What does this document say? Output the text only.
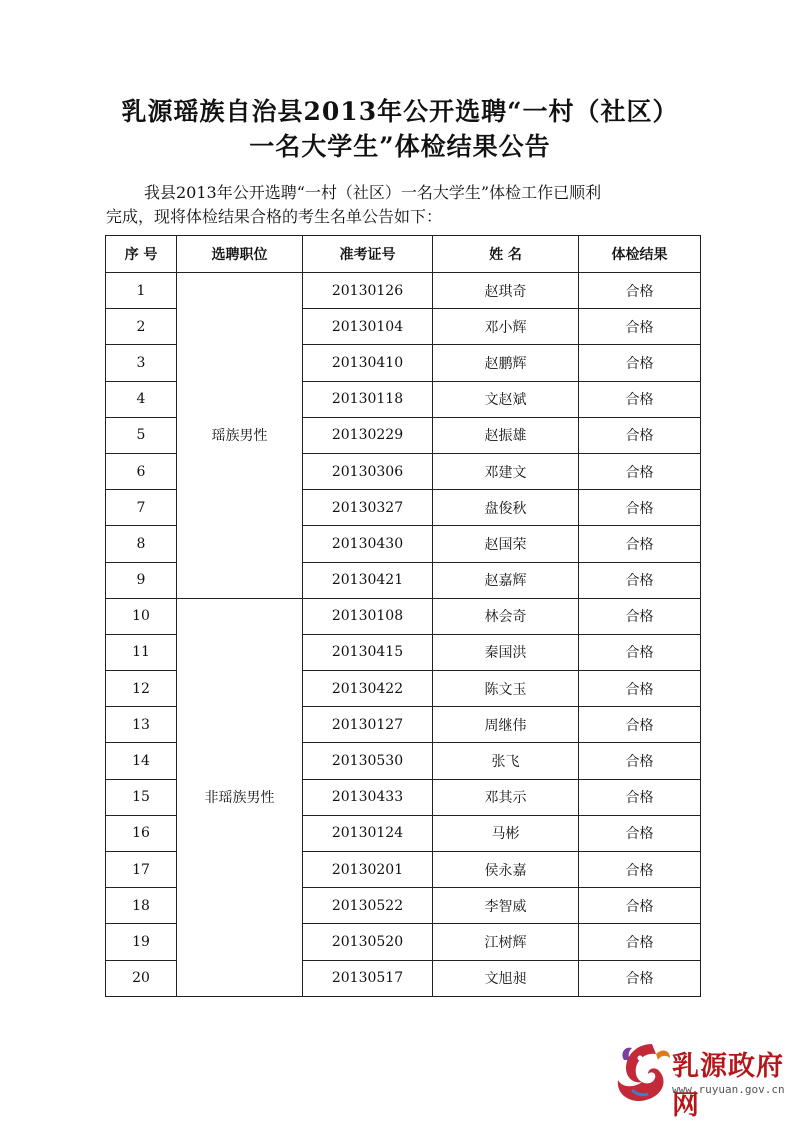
乳源瑶族自治县2013年公开选聘“一村（社区）
一名大学生”体检结果公告
我县2013年公开选聘“一村（社区）一名大学生”体检工作已顺利
完成，现将体检结果合格的考生名单公告如下：
序 号	选聘职位	准考证号	姓 名	体检结果
1	瑶族男性	20130126	赵琪奇	合格
2		20130104	邓小辉	合格
3		20130410	赵鹏辉	合格
4		20130118	文赵斌	合格
5		20130229	赵振雄	合格
6		20130306	邓建文	合格
7		20130327	盘俊秋	合格
8		20130430	赵国荣	合格
9		20130421	赵嘉辉	合格
10	非瑶族男性	20130108	林会奇	合格
11		20130415	秦国洪	合格
12		20130422	陈文玉	合格
13		20130127	周继伟	合格
14		20130530	张飞	合格
15		20130433	邓其示	合格
16		20130124	马彬	合格
17		20130201	侯永嘉	合格
18		20130522	李智威	合格
19		20130520	江树辉	合格
20		20130517	文旭昶	合格
乳源政府网
www.ruyuan.gov.cn
